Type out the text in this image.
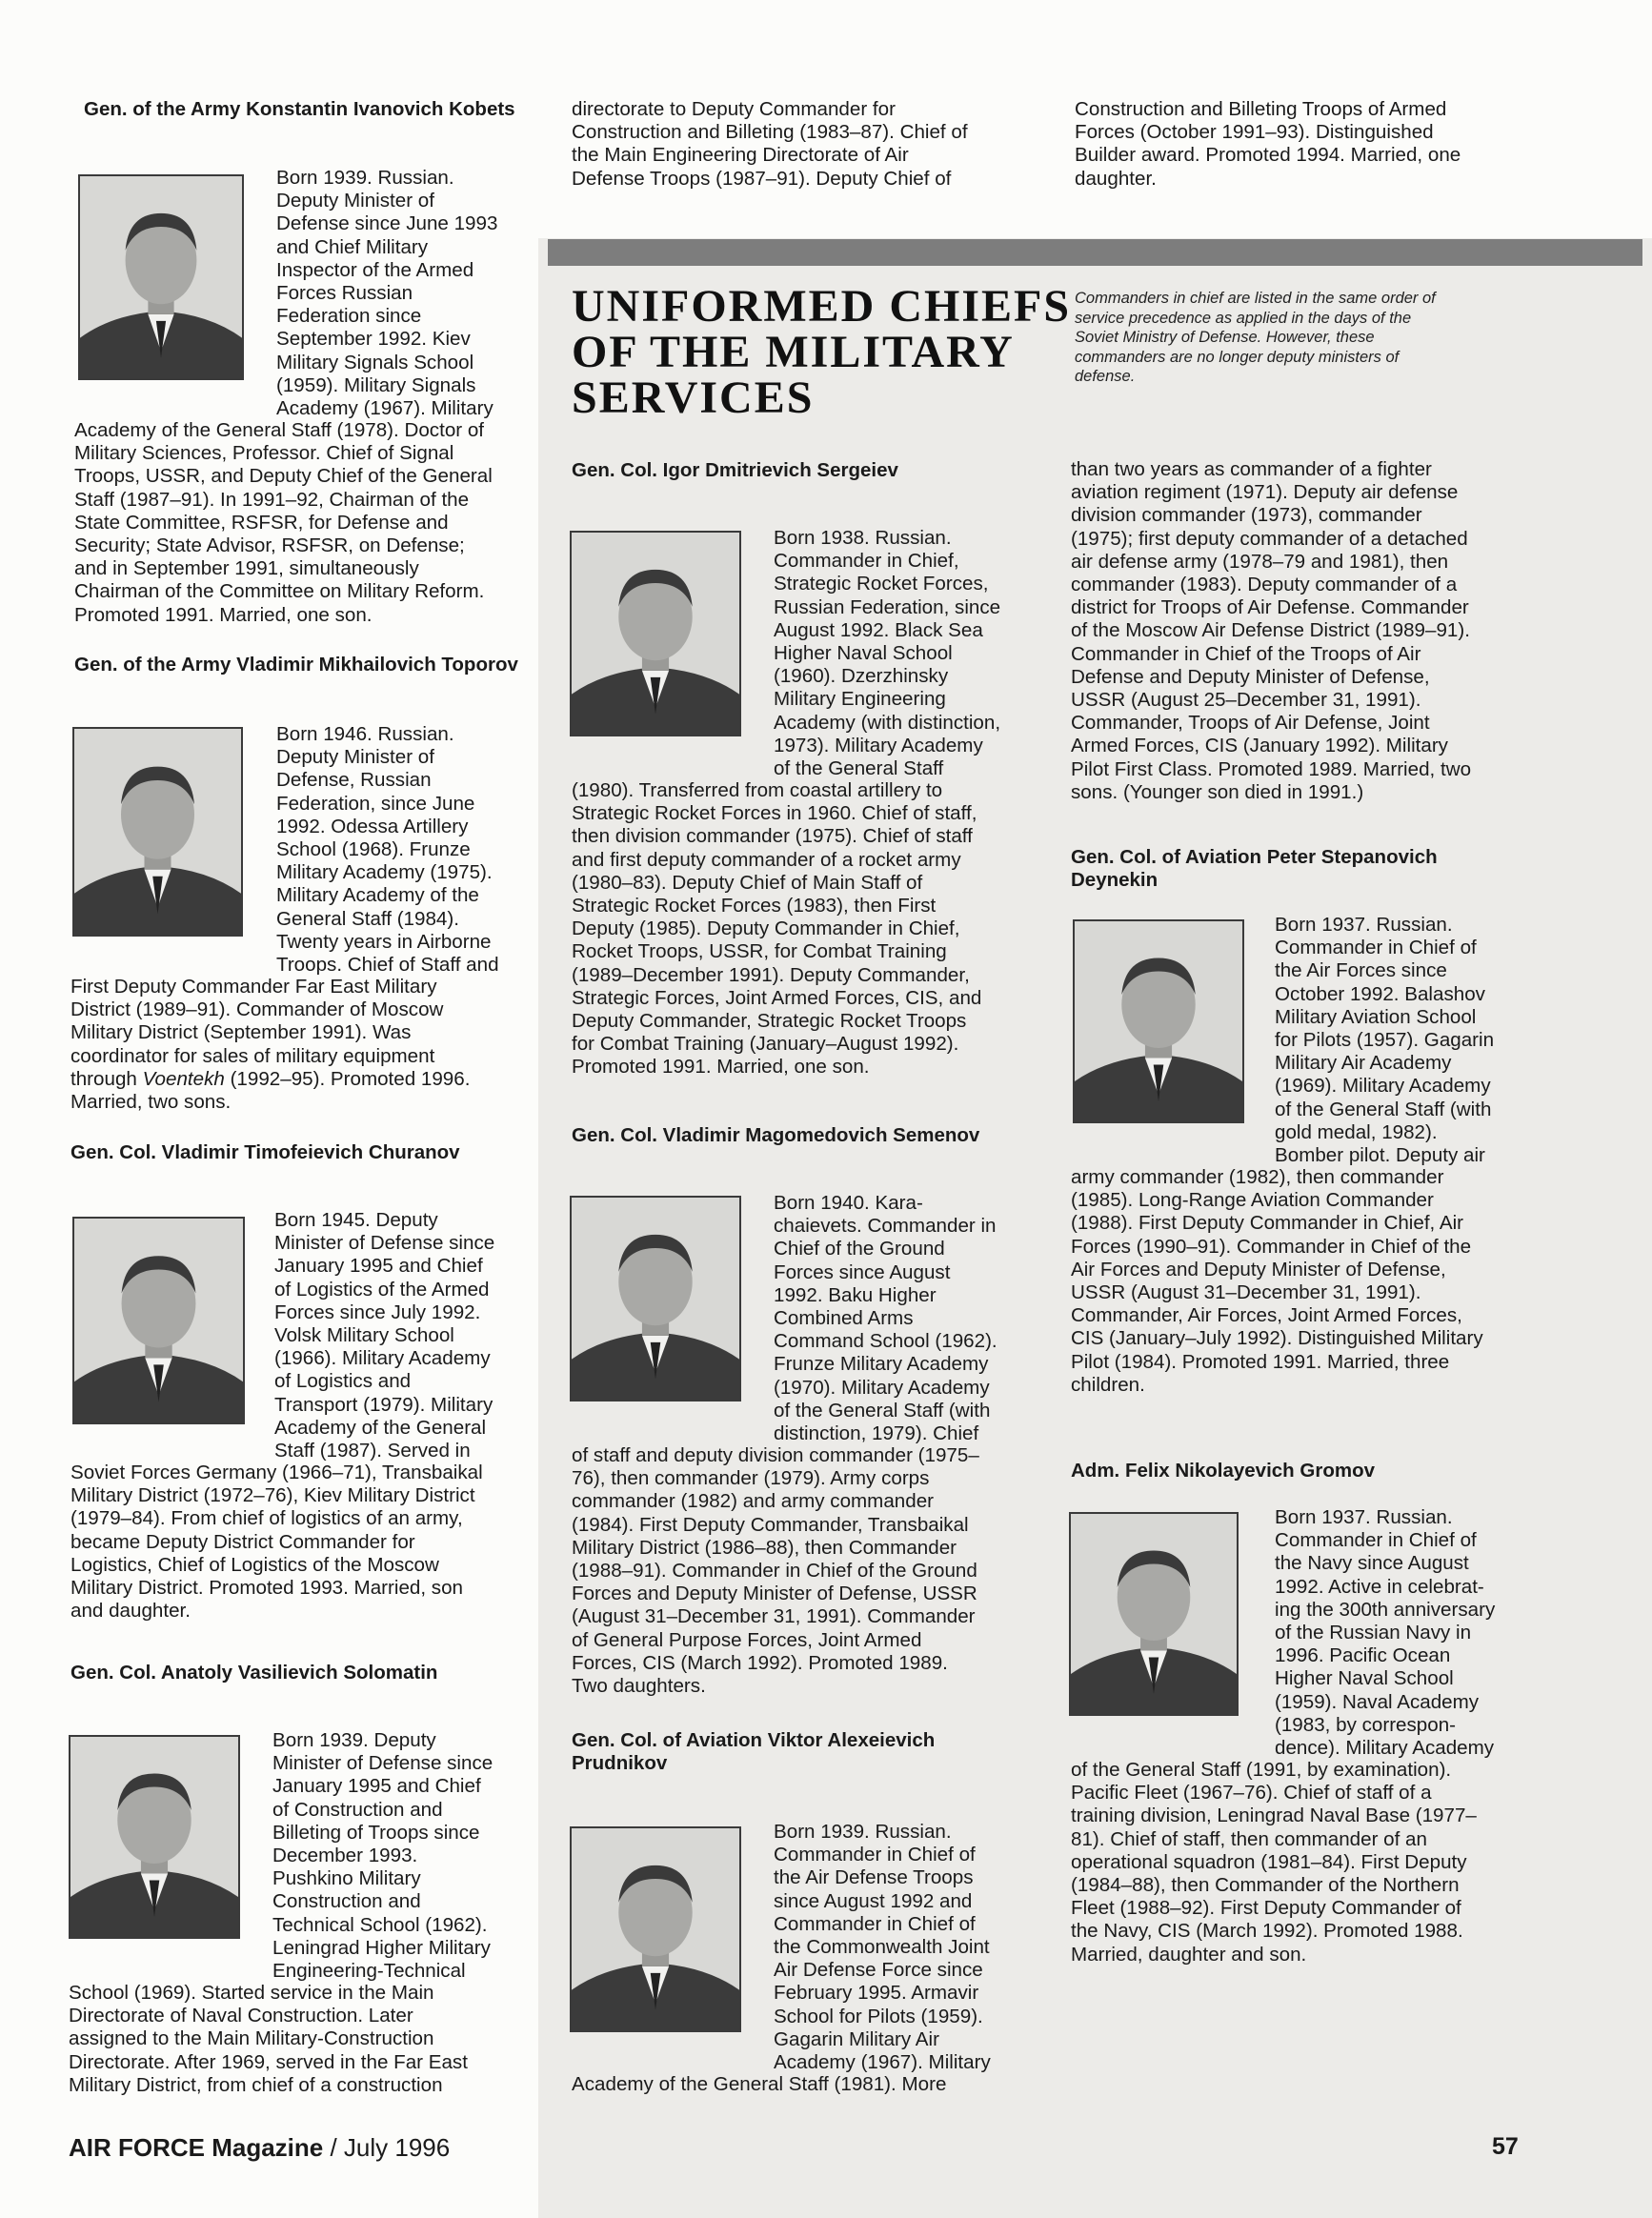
Gen. of the Army Konstantin Ivanovich Kobets

Born 1939. Russian.
Deputy Minister of
Defense since June 1993
and Chief Military
Inspector of the Armed
Forces Russian
Federation since
September 1992. Kiev
Military Signals School
(1959). Military Signals
Academy (1967). Military

Academy of the General Staff (1978). Doctor of
Military Sciences, Professor. Chief of Signal
Troops, USSR, and Deputy Chief of the General
Staff (1987–91). In 1991–92, Chairman of the
State Committee, RSFSR, for Defense and
Security; State Advisor, RSFSR, on Defense;
and in September 1991, simultaneously
Chairman of the Committee on Military Reform.
Promoted 1991. Married, one son.

Gen. of the Army Vladimir Mikhailovich Toporov

Born 1946. Russian.
Deputy Minister of
Defense, Russian
Federation, since June
1992. Odessa Artillery
School (1968). Frunze
Military Academy (1975).
Military Academy of the
General Staff (1984).
Twenty years in Airborne
Troops. Chief of Staff and

First Deputy Commander Far East Military
District (1989–91). Commander of Moscow
Military District (September 1991). Was
coordinator for sales of military equipment
through Voentekh (1992–95). Promoted 1996.
Married, two sons.

Gen. Col. Vladimir Timofeievich Churanov

Born 1945. Deputy
Minister of Defense since
January 1995 and Chief
of Logistics of the Armed
Forces since July 1992.
Volsk Military School
(1966). Military Academy
of Logistics and
Transport (1979). Military
Academy of the General
Staff (1987). Served in

Soviet Forces Germany (1966–71), Transbaikal
Military District (1972–76), Kiev Military District
(1979–84). From chief of logistics of an army,
became Deputy District Commander for
Logistics, Chief of Logistics of the Moscow
Military District. Promoted 1993. Married, son
and daughter.

Gen. Col. Anatoly Vasilievich Solomatin

Born 1939. Deputy
Minister of Defense since
January 1995 and Chief
of Construction and
Billeting of Troops since
December 1993.
Pushkino Military
Construction and
Technical School (1962).
Leningrad Higher Military
Engineering-Technical

School (1969). Started service in the Main
Directorate of Naval Construction. Later
assigned to the Main Military-Construction
Directorate. After 1969, served in the Far East
Military District, from chief of a construction

directorate to Deputy Commander for
Construction and Billeting (1983–87). Chief of
the Main Engineering Directorate of Air
Defense Troops (1987–91). Deputy Chief of

Construction and Billeting Troops of Armed
Forces (October 1991–93). Distinguished
Builder award. Promoted 1994. Married, one
daughter.

UNIFORMED CHIEFS
OF THE MILITARY
SERVICES

Commanders in chief are listed in the same order of
service precedence as applied in the days of the
Soviet Ministry of Defense. However, these
commanders are no longer deputy ministers of
defense.

Gen. Col. Igor Dmitrievich Sergeiev

Born 1938. Russian.
Commander in Chief,
Strategic Rocket Forces,
Russian Federation, since
August 1992. Black Sea
Higher Naval School
(1960). Dzerzhinsky
Military Engineering
Academy (with distinction,
1973). Military Academy
of the General Staff

(1980). Transferred from coastal artillery to
Strategic Rocket Forces in 1960. Chief of staff,
then division commander (1975). Chief of staff
and first deputy commander of a rocket army
(1980–83). Deputy Chief of Main Staff of
Strategic Rocket Forces (1983), then First
Deputy (1985). Deputy Commander in Chief,
Rocket Troops, USSR, for Combat Training
(1989–December 1991). Deputy Commander,
Strategic Forces, Joint Armed Forces, CIS, and
Deputy Commander, Strategic Rocket Troops
for Combat Training (January–August 1992).
Promoted 1991. Married, one son.

Gen. Col. Vladimir Magomedovich Semenov

Born 1940. Kara-
chaievets. Commander in
Chief of the Ground
Forces since August
1992. Baku Higher
Combined Arms
Command School (1962).
Frunze Military Academy
(1970). Military Academy
of the General Staff (with
distinction, 1979). Chief

of staff and deputy division commander (1975–
76), then commander (1979). Army corps
commander (1982) and army commander
(1984). First Deputy Commander, Transbaikal
Military District (1986–88), then Commander
(1988–91). Commander in Chief of the Ground
Forces and Deputy Minister of Defense, USSR
(August 31–December 31, 1991). Commander
of General Purpose Forces, Joint Armed
Forces, CIS (March 1992). Promoted 1989.
Two daughters.

Gen. Col. of Aviation Viktor Alexeievich
Prudnikov

Born 1939. Russian.
Commander in Chief of
the Air Defense Troops
since August 1992 and
Commander in Chief of
the Commonwealth Joint
Air Defense Force since
February 1995. Armavir
School for Pilots (1959).
Gagarin Military Air
Academy (1967). Military

Academy of the General Staff (1981). More

than two years as commander of a fighter
aviation regiment (1971). Deputy air defense
division commander (1973), commander
(1975); first deputy commander of a detached
air defense army (1978–79 and 1981), then
commander (1983). Deputy commander of a
district for Troops of Air Defense. Commander
of the Moscow Air Defense District (1989–91).
Commander in Chief of the Troops of Air
Defense and Deputy Minister of Defense,
USSR (August 25–December 31, 1991).
Commander, Troops of Air Defense, Joint
Armed Forces, CIS (January 1992). Military
Pilot First Class. Promoted 1989. Married, two
sons. (Younger son died in 1991.)

Gen. Col. of Aviation Peter Stepanovich
Deynekin

Born 1937. Russian.
Commander in Chief of
the Air Forces since
October 1992. Balashov
Military Aviation School
for Pilots (1957). Gagarin
Military Air Academy
(1969). Military Academy
of the General Staff (with
gold medal, 1982).
Bomber pilot. Deputy air

army commander (1982), then commander
(1985). Long-Range Aviation Commander
(1988). First Deputy Commander in Chief, Air
Forces (1990–91). Commander in Chief of the
Air Forces and Deputy Minister of Defense,
USSR (August 31–December 31, 1991).
Commander, Air Forces, Joint Armed Forces,
CIS (January–July 1992). Distinguished Military
Pilot (1984). Promoted 1991. Married, three
children.

Adm. Felix Nikolayevich Gromov

Born 1937. Russian.
Commander in Chief of
the Navy since August
1992. Active in celebrat-
ing the 300th anniversary
of the Russian Navy in
1996. Pacific Ocean
Higher Naval School
(1959). Naval Academy
(1983, by correspon-
dence). Military Academy

of the General Staff (1991, by examination).
Pacific Fleet (1967–76). Chief of staff of a
training division, Leningrad Naval Base (1977–
81). Chief of staff, then commander of an
operational squadron (1981–84). First Deputy
(1984–88), then Commander of the Northern
Fleet (1988–92). First Deputy Commander of
the Navy, CIS (March 1992). Promoted 1988.
Married, daughter and son.

AIR FORCE Magazine / July 1996	57
